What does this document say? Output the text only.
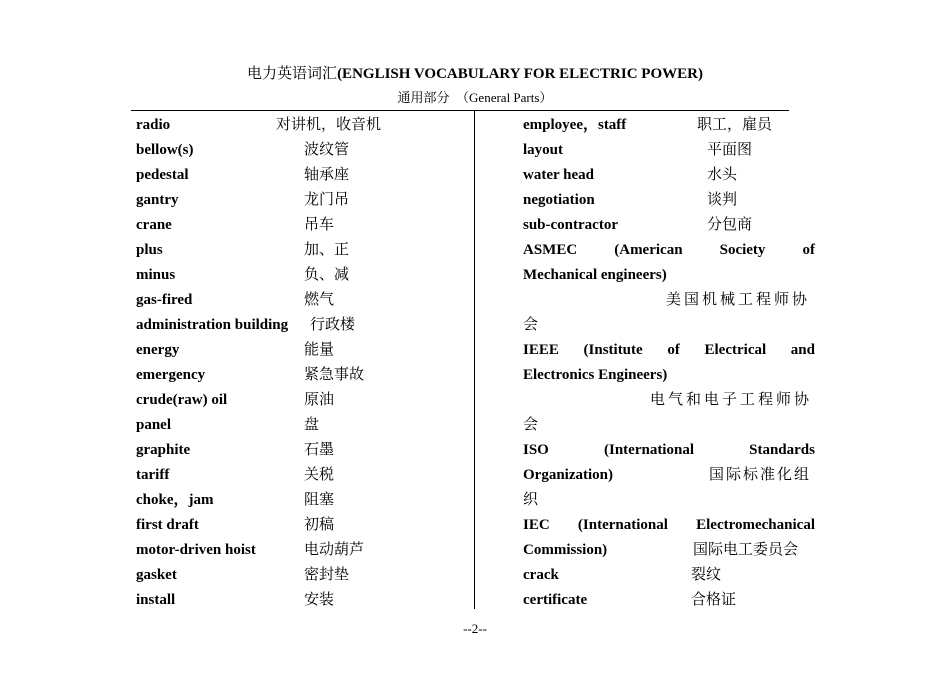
电力英语词汇(ENGLISH VOCABULARY FOR ELECTRIC POWER)
通用部分　（General Parts）
radio	对讲机，收音机
bellow(s)	波纹管
pedestal	轴承座
gantry	龙门吊
crane	吊车
plus	加、正
minus	负、减
gas-fired	燃气
administration building 行政楼
energy	能量
emergency	紧急事故
crude(raw) oil	原油
panel	盘
graphite	石墨
tariff	关税
choke，jam	阻塞
first draft	初稿
motor-driven hoist	电动葫芦
gasket	密封垫
install	安装
employee，staff	职工，雇员
layout	平面图
water head	水头
negotiation	谈判
sub-contractor	分包商
ASMEC (American Society of
Mechanical engineers)
美国机械工程师协
会
IEEE (Institute of Electrical and
Electronics Engineers)
电气和电子工程师协
会
ISO (International Standards
Organization)	国际标准化组
织
IEC (International Electromechanical
Commission)	国际电工委员会
crack	裂纹
certificate	合格证
--2--
